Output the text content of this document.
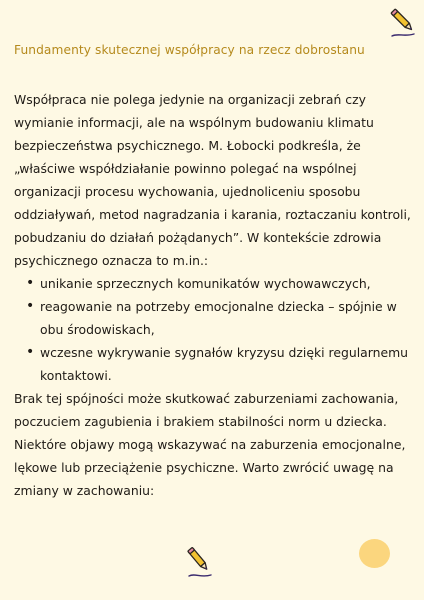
Fundamenty skutecznej współpracy na rzecz dobrostanu

Współpraca nie polega jedynie na organizacji zebrań czy wymianie informacji, ale na wspólnym budowaniu klimatu bezpieczeństwa psychicznego. M. Łobocki podkreśla, że „właściwe współdziałanie powinno polegać na wspólnej organizacji procesu wychowania, ujednoliceniu sposobu oddziaływań, metod nagradzania i karania, roztaczaniu kontroli, pobudzaniu do działań pożądanych”. W kontekście zdrowia psychicznego oznacza to m.in.:

• unikanie sprzecznych komunikatów wychowawczych,
• reagowanie na potrzeby emocjonalne dziecka – spójnie w obu środowiskach,
• wczesne wykrywanie sygnałów kryzysu dzięki regularnemu kontaktowi.

Brak tej spójności może skutkować zaburzeniami zachowania, poczuciem zagubienia i brakiem stabilności norm u dziecka. Niektóre objawy mogą wskazywać na zaburzenia emocjonalne, lękowe lub przeciążenie psychiczne. Warto zwrócić uwagę na zmiany w zachowaniu:
